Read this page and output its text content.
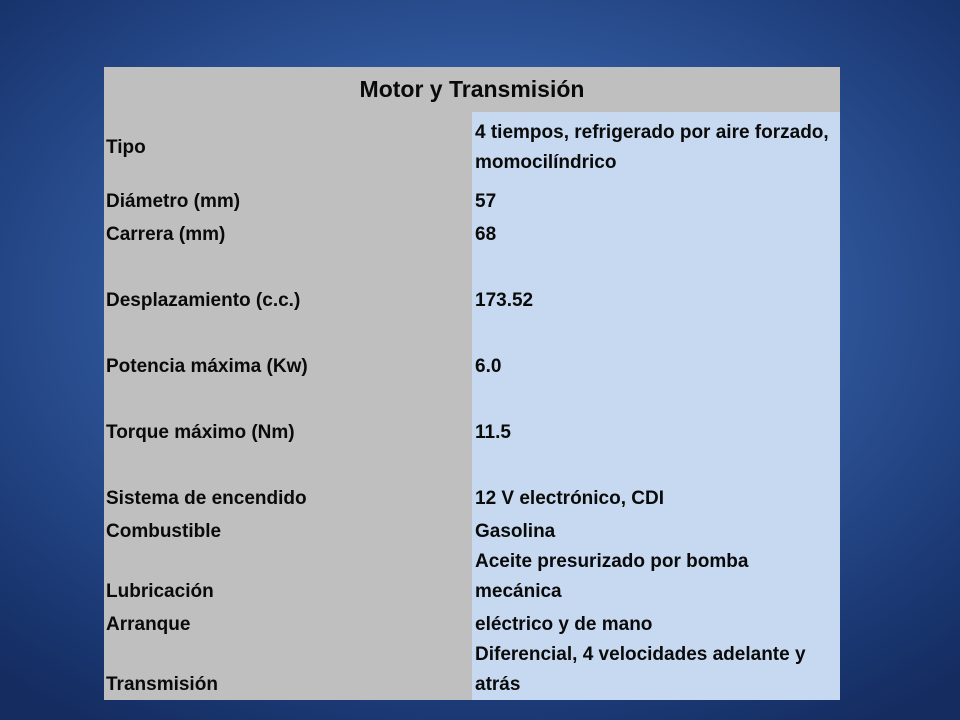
Motor y Transmisión	
Tipo	4 tiempos, refrigerado por aire forzado, momocilíndrico
Diámetro (mm)	57
Carrera (mm)	68
Desplazamiento (c.c.)	173.52
Potencia máxima (Kw)	6.0
Torque máximo (Nm)	11.5
Sistema de encendido	12 V electrónico, CDI
Combustible	Gasolina
Lubricación	Aceite presurizado por bomba mecánica
Arranque	eléctrico y de mano
Transmisión	Diferencial, 4 velocidades adelante y atrás
